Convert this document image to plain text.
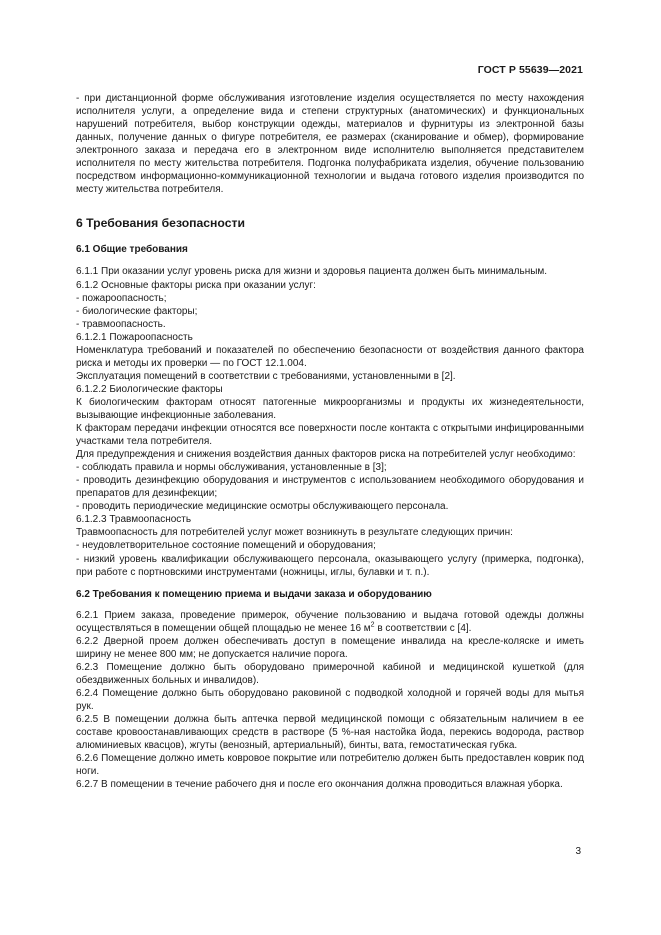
ГОСТ Р 55639—2021

- при дистанционной форме обслуживания изготовление изделия осуществляется по месту нахождения исполнителя услуги, а определение вида и степени структурных (анатомических) и функциональных нарушений потребителя, выбор конструкции одежды, материалов и фурнитуры из электронной базы данных, получение данных о фигуре потребителя, ее размерах (сканирование и обмер), формирование электронного заказа и передача его в электронном виде исполнителю выполняется представителем исполнителя по месту жительства потребителя. Подгонка полуфабриката изделия, обучение пользованию посредством информационно-коммуникационной технологии и выдача готового изделия производится по месту жительства потребителя.

6 Требования безопасности

6.1 Общие требования

6.1.1 При оказании услуг уровень риска для жизни и здоровья пациента должен быть минимальным.

6.1.2 Основные факторы риска при оказании услуг:

- пожароопасность;

- биологические факторы;

- травмоопасность.

6.1.2.1 Пожароопасность

Номенклатура требований и показателей по обеспечению безопасности от воздействия данного фактора риска и методы их проверки — по ГОСТ 12.1.004.

Эксплуатация помещений в соответствии с требованиями, установленными в [2].

6.1.2.2 Биологические факторы

К биологическим факторам относят патогенные микроорганизмы и продукты их жизнедеятельности, вызывающие инфекционные заболевания.

К факторам передачи инфекции относятся все поверхности после контакта с открытыми инфицированными участками тела потребителя.

Для предупреждения и снижения воздействия данных факторов риска на потребителей услуг необходимо:

- соблюдать правила и нормы обслуживания, установленные в [3];

- проводить дезинфекцию оборудования и инструментов с использованием необходимого оборудования и препаратов для дезинфекции;

- проводить периодические медицинские осмотры обслуживающего персонала.

6.1.2.3 Травмоопасность

Травмоопасность для потребителей услуг может возникнуть в результате следующих причин:

- неудовлетворительное состояние помещений и оборудования;

- низкий уровень квалификации обслуживающего персонала, оказывающего услугу (примерка, подгонка), при работе с портновскими инструментами (ножницы, иглы, булавки и т. п.).

6.2 Требования к помещению приема и выдачи заказа и оборудованию

6.2.1 Прием заказа, проведение примерок, обучение пользованию и выдача готовой одежды должны осуществляться в помещении общей площадью не менее 16 $м^2$ в соответствии с [4].

6.2.2 Дверной проем должен обеспечивать доступ в помещение инвалида на кресле-коляске и иметь ширину не менее 800 мм; не допускается наличие порога.

6.2.3 Помещение должно быть оборудовано примерочной кабиной и медицинской кушеткой (для обездвиженных больных и инвалидов).

6.2.4 Помещение должно быть оборудовано раковиной с подводкой холодной и горячей воды для мытья рук.

6.2.5 В помещении должна быть аптечка первой медицинской помощи с обязательным наличием в ее составе кровоостанавливающих средств в растворе (5 %-ная настойка йода, перекись водорода, раствор алюминиевых квасцов), жгуты (венозный, артериальный), бинты, вата, гемостатическая губка.

6.2.6 Помещение должно иметь ковровое покрытие или потребителю должен быть предоставлен коврик под ноги.

6.2.7 В помещении в течение рабочего дня и после его окончания должна проводиться влажная уборка.

3
